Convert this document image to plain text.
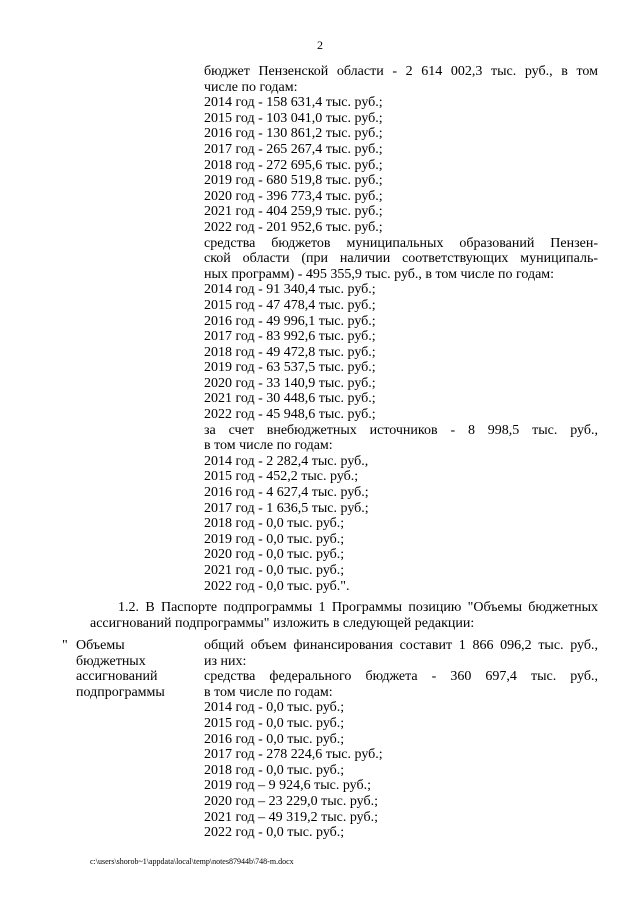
2
бюджет Пензенской области - 2 614 002,3 тыс. руб., в том
числе по годам:
2014 год - 158 631,4 тыс. руб.;
2015 год - 103 041,0 тыс. руб.;
2016 год - 130 861,2 тыс. руб.;
2017 год - 265 267,4 тыс. руб.;
2018 год - 272 695,6 тыс. руб.;
2019 год - 680 519,8 тыс. руб.;
2020 год - 396 773,4 тыс. руб.;
2021 год - 404 259,9 тыс. руб.;
2022 год - 201 952,6 тыс. руб.;
средства бюджетов муниципальных образований Пензен-
ской области (при наличии соответствующих муниципаль-
ных программ) - 495 355,9 тыс. руб., в том числе по годам:
2014 год - 91 340,4 тыс. руб.;
2015 год - 47 478,4 тыс. руб.;
2016 год - 49 996,1 тыс. руб.;
2017 год - 83 992,6 тыс. руб.;
2018 год - 49 472,8 тыс. руб.;
2019 год - 63 537,5 тыс. руб.;
2020 год - 33 140,9 тыс. руб.;
2021 год - 30 448,6 тыс. руб.;
2022 год - 45 948,6 тыс. руб.;
за счет внебюджетных источников - 8 998,5 тыс. руб.,
в том числе по годам:
2014 год - 2 282,4 тыс. руб.,
2015 год - 452,2 тыс. руб.;
2016 год - 4 627,4 тыс. руб.;
2017 год - 1 636,5 тыс. руб.;
2018 год - 0,0 тыс. руб.;
2019 год - 0,0 тыс. руб.;
2020 год - 0,0 тыс. руб.;
2021 год - 0,0 тыс. руб.;
2022 год - 0,0 тыс. руб.".
1.2. В Паспорте подпрограммы 1 Программы позицию "Объемы бюджетных
ассигнований подпрограммы" изложить в следующей редакции:
" Объемы
бюджетных
ассигнований
подпрограммы
общий объем финансирования составит 1 866 096,2 тыс. руб.,
из них:
средства федерального бюджета - 360 697,4 тыс. руб.,
в том числе по годам:
2014 год - 0,0 тыс. руб.;
2015 год - 0,0 тыс. руб.;
2016 год - 0,0 тыс. руб.;
2017 год - 278 224,6 тыс. руб.;
2018 год - 0,0 тыс. руб.;
2019 год – 9 924,6 тыс. руб.;
2020 год – 23 229,0 тыс. руб.;
2021 год – 49 319,2 тыс. руб.;
2022 год - 0,0 тыс. руб.;
c:\users\shorob~1\appdata\local\temp\notes87944b\748-m.docx
